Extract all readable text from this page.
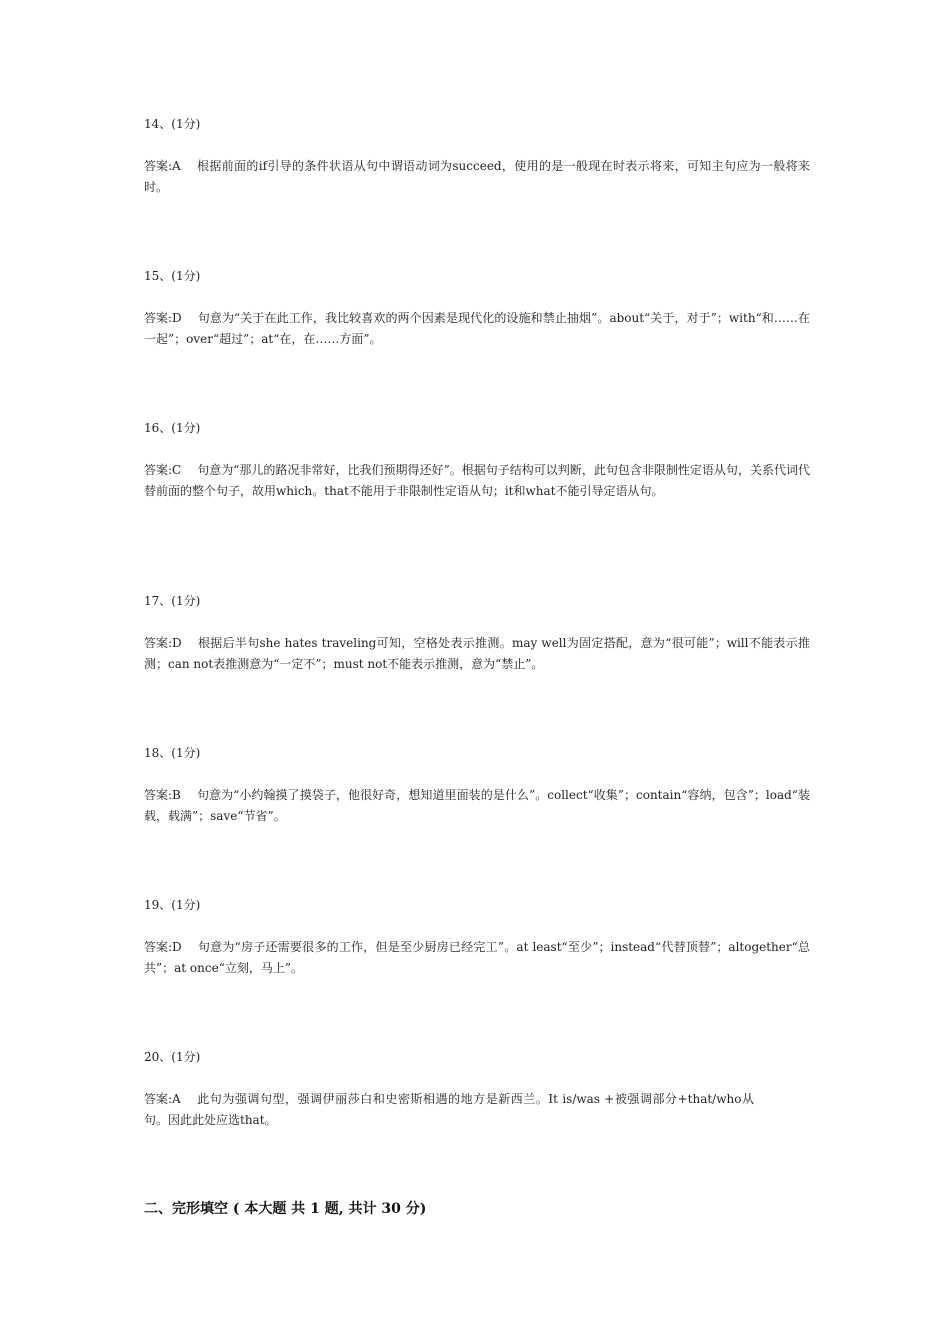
14、(1分)
答案:A 根据前面的if引导的条件状语从句中谓语动词为succeed，使用的是一般现在时表示将来，可知主句应为一般将来时。
15、(1分)
答案:D 句意为“关于在此工作，我比较喜欢的两个因素是现代化的设施和禁止抽烟”。about“关于，对于”；with“和……在一起”；over“超过”；at“在，在……方面”。
16、(1分)
答案:C 句意为“那儿的路况非常好，比我们预期得还好”。根据句子结构可以判断，此句包含非限制性定语从句，关系代词代替前面的整个句子，故用which。that不能用于非限制性定语从句；it和what不能引导定语从句。
17、(1分)
答案:D 根据后半句she hates traveling可知，空格处表示推测。may well为固定搭配，意为“很可能”；will不能表示推测；can not表推测意为“一定不”；must not不能表示推测，意为“禁止”。
18、(1分)
答案:B 句意为“小约翰摸了摸袋子，他很好奇，想知道里面装的是什么”。collect“收集”；contain“容纳，包含”；load“装载，载满”；save“节省”。
19、(1分)
答案:D 句意为“房子还需要很多的工作，但是至少厨房已经完工”。at least“至少”；instead“代替顶替”；altogether“总共”；at once“立刻，马上”。
20、(1分)
答案:A 此句为强调句型，强调伊丽莎白和史密斯相遇的地方是新西兰。It is/was +被强调部分+that/who从句。因此此处应选that。
二、完形填空 ( 本大题 共 1 题, 共计 30 分)
